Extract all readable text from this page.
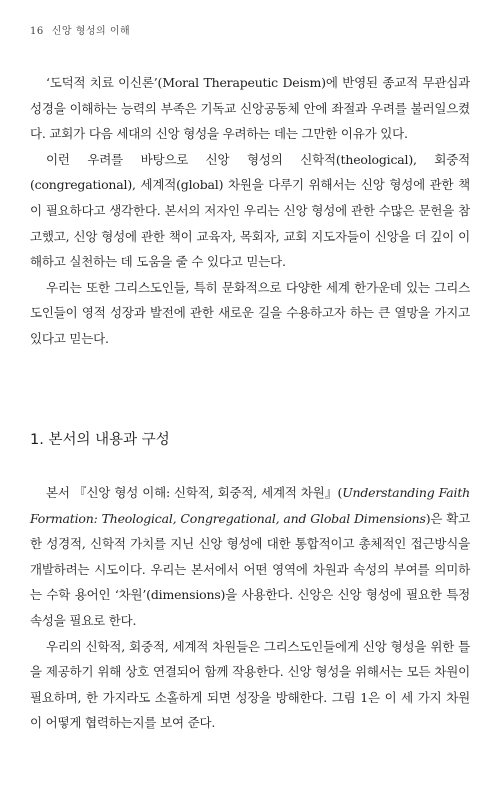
16 신앙 형성의 이해

‘도덕적 치료 이신론’(Moral Therapeutic Deism)에 반영된 종교적 무관심과 성경을 이해하는 능력의 부족은 기독교 신앙공동체 안에 좌절과 우려를 불러일으켰다. 교회가 다음 세대의 신앙 형성을 우려하는 데는 그만한 이유가 있다.

이런 우려를 바탕으로 신앙 형성의 신학적(theological), 회중적(congregational), 세계적(global) 차원을 다루기 위해서는 신앙 형성에 관한 책이 필요하다고 생각한다. 본서의 저자인 우리는 신앙 형성에 관한 수많은 문헌을 참고했고, 신앙 형성에 관한 책이 교육자, 목회자, 교회 지도자들이 신앙을 더 깊이 이해하고 실천하는 데 도움을 줄 수 있다고 믿는다.

우리는 또한 그리스도인들, 특히 문화적으로 다양한 세계 한가운데 있는 그리스도인들이 영적 성장과 발전에 관한 새로운 길을 수용하고자 하는 큰 열망을 가지고 있다고 믿는다.

1. 본서의 내용과 구성

본서 『신앙 형성 이해: 신학적, 회중적, 세계적 차원』(Understanding Faith Formation: Theological, Congregational, and Global Dimensions)은 확고한 성경적, 신학적 가치를 지닌 신앙 형성에 대한 통합적이고 총체적인 접근방식을 개발하려는 시도이다. 우리는 본서에서 어떤 영역에 차원과 속성의 부여를 의미하는 수학 용어인 ‘차원’(dimensions)을 사용한다. 신앙은 신앙 형성에 필요한 특정 속성을 필요로 한다.

우리의 신학적, 회중적, 세계적 차원들은 그리스도인들에게 신앙 형성을 위한 틀을 제공하기 위해 상호 연결되어 함께 작용한다. 신앙 형성을 위해서는 모든 차원이 필요하며, 한 가지라도 소홀하게 되면 성장을 방해한다. 그림 1은 이 세 가지 차원이 어떻게 협력하는지를 보여 준다.
